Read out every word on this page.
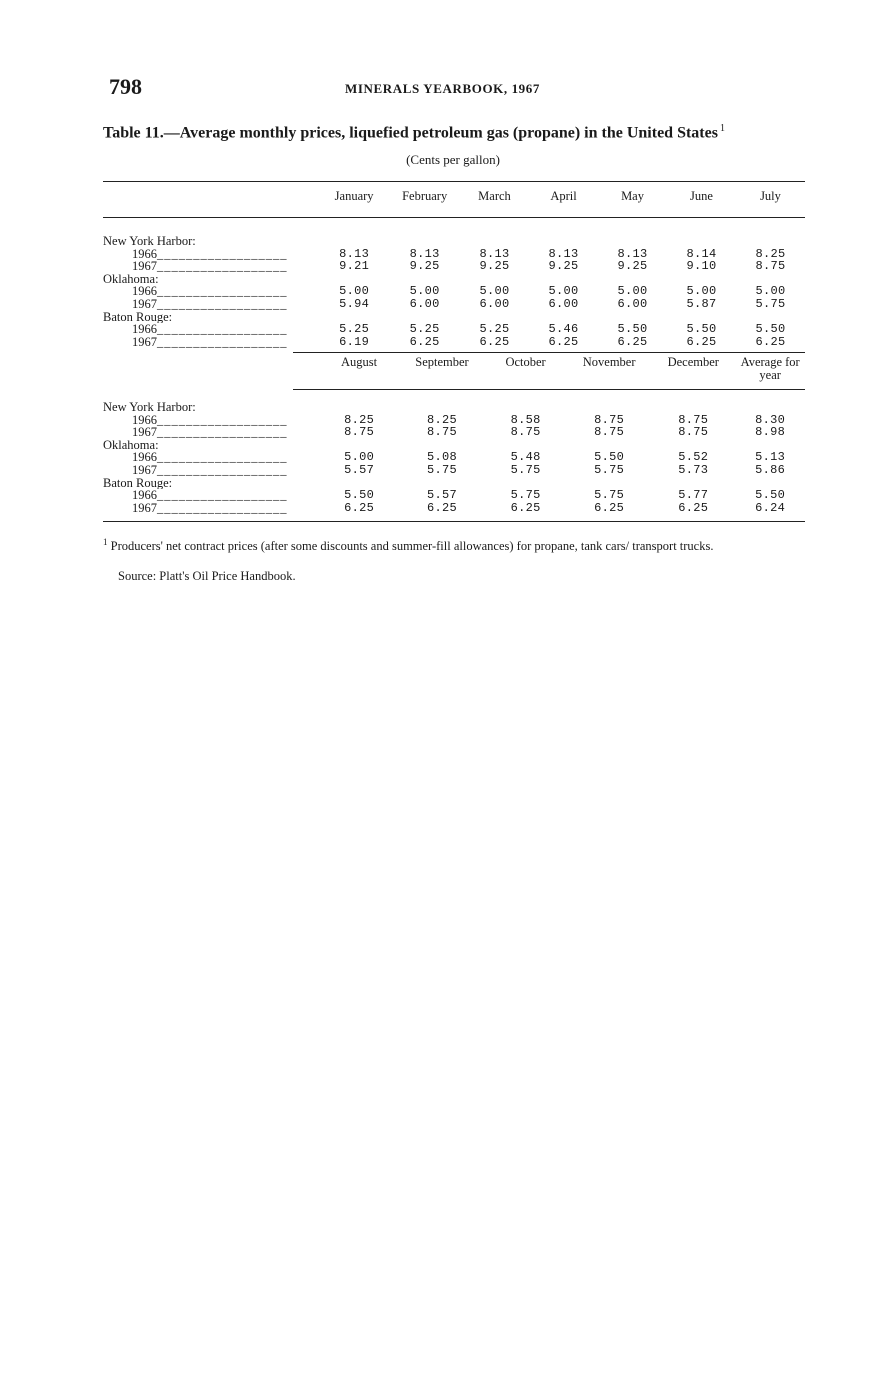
798	MINERALS YEARBOOK, 1967
Table 11.—Average monthly prices, liquefied petroleum gas (propane) in the United States $^1$
(Cents per gallon)
	January	February	March	April	May	June	July
New York Harbor:							
1966__________________	8.13	8.13	8.13	8.13	8.13	8.14	8.25
1967__________________	9.21	9.25	9.25	9.25	9.25	9.10	8.75
Oklahoma:							
1966__________________	5.00	5.00	5.00	5.00	5.00	5.00	5.00
1967__________________	5.94	6.00	6.00	6.00	6.00	5.87	5.75
Baton Rouge:							
1966__________________	5.25	5.25	5.25	5.46	5.50	5.50	5.50
1967__________________	6.19	6.25	6.25	6.25	6.25	6.25	6.25
	August	September	October	November	December	Average for year
New York Harbor:						
1966__________________	8.25	8.25	8.58	8.75	8.75	8.30
1967__________________	8.75	8.75	8.75	8.75	8.75	8.98
Oklahoma:						
1966__________________	5.00	5.08	5.48	5.50	5.52	5.13
1967__________________	5.57	5.75	5.75	5.75	5.73	5.86
Baton Rouge:						
1966__________________	5.50	5.57	5.75	5.75	5.77	5.50
1967__________________	6.25	6.25	6.25	6.25	6.25	6.24
$^1$ Producers' net contract prices (after some discounts and summer-fill allowances) for propane, tank cars/ transport trucks.
Source: Platt's Oil Price Handbook.
